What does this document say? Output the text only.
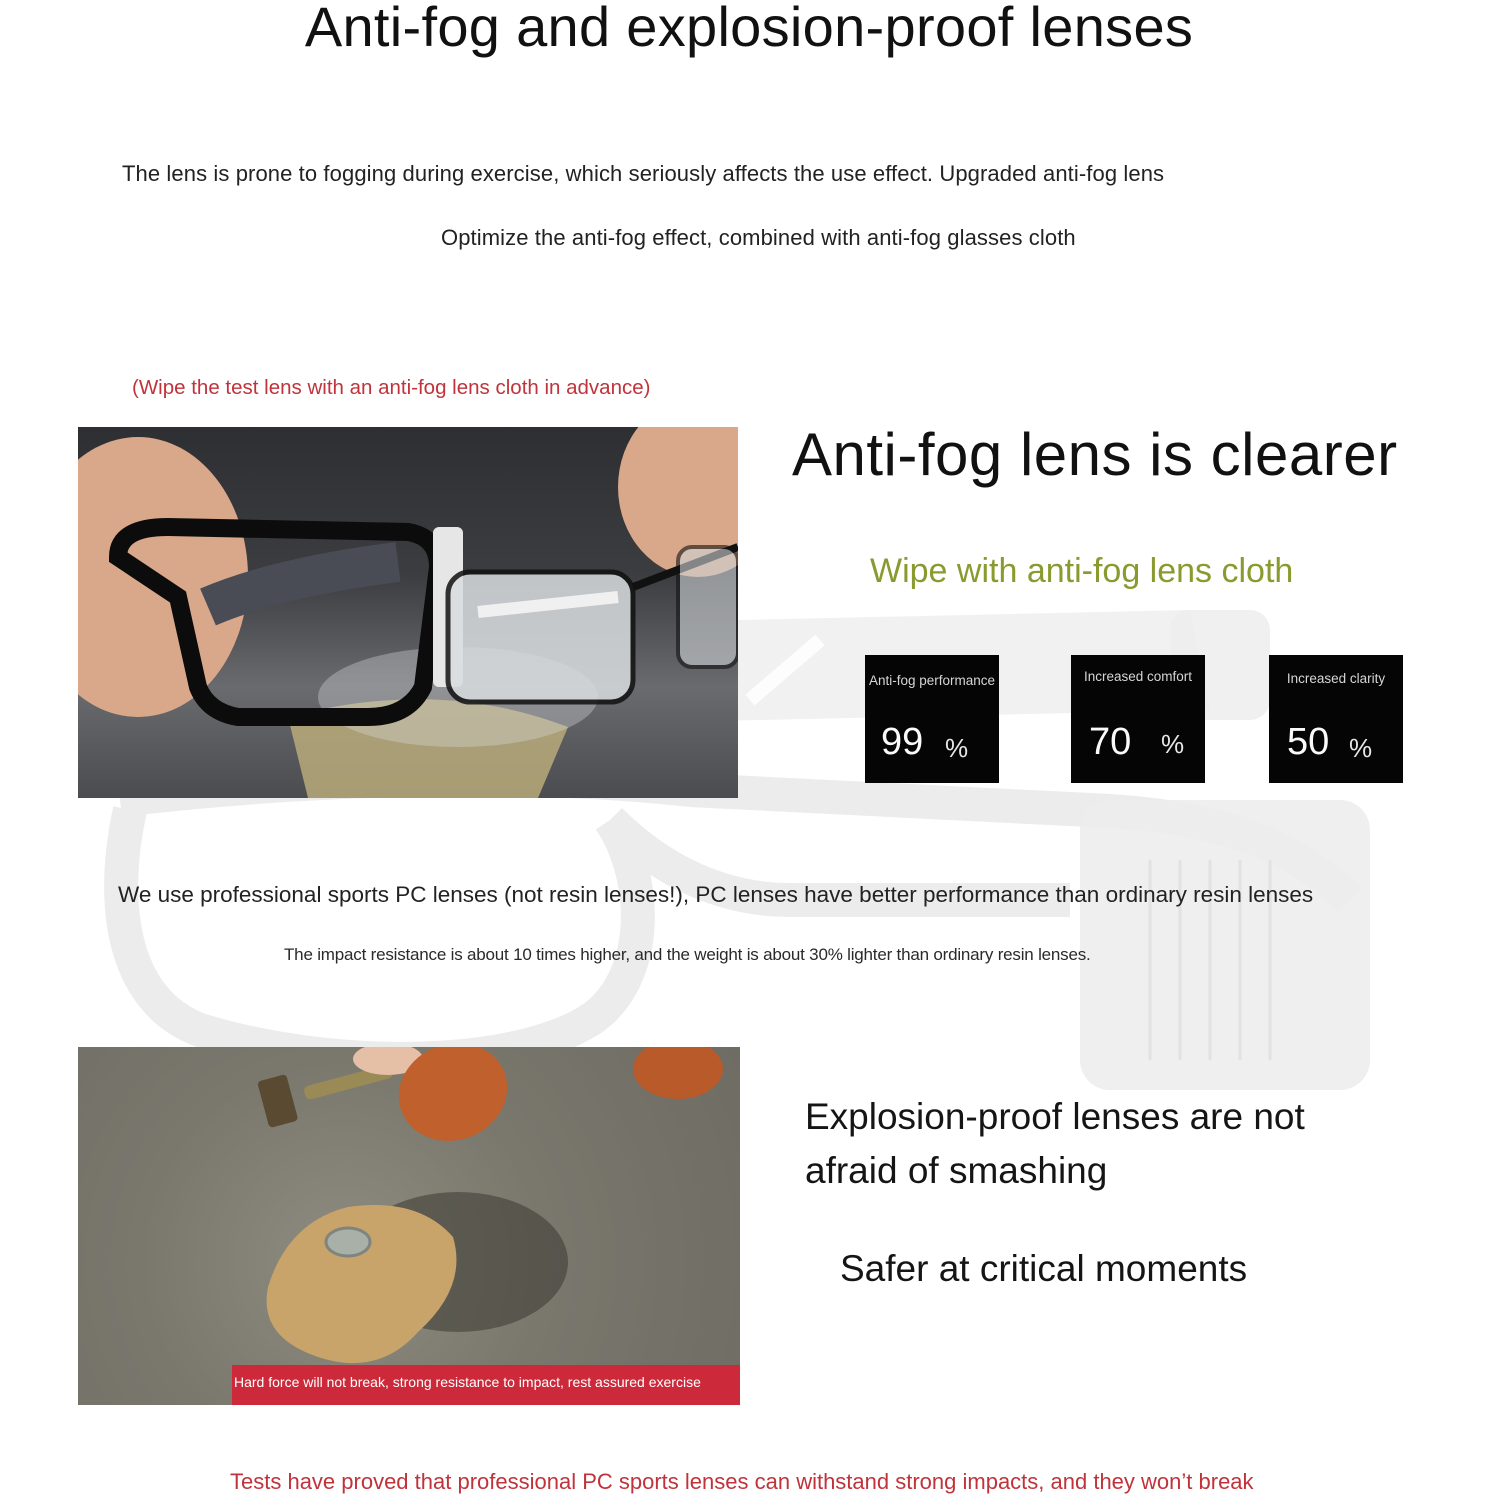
Anti-fog and explosion-proof lenses
The lens is prone to fogging during exercise, which seriously affects the use effect. Upgraded anti-fog lens
Optimize the anti-fog effect, combined with anti-fog glasses cloth
(Wipe the test lens with an anti-fog lens cloth in advance)
Anti-fog lens is clearer
Wipe with anti-fog lens cloth
Anti-fog performance
99 %
Increased comfort
70 %
Increased clarity
50 %
We use professional sports PC lenses (not resin lenses!), PC lenses have better performance than ordinary resin lenses
The impact resistance is about 10 times higher, and the weight is about 30% lighter than ordinary resin lenses.
Hard force will not break, strong resistance to impact, rest assured exercise
Explosion-proof lenses are not afraid of smashing
Safer at critical moments
Tests have proved that professional PC sports lenses can withstand strong impacts, and they won’t break
